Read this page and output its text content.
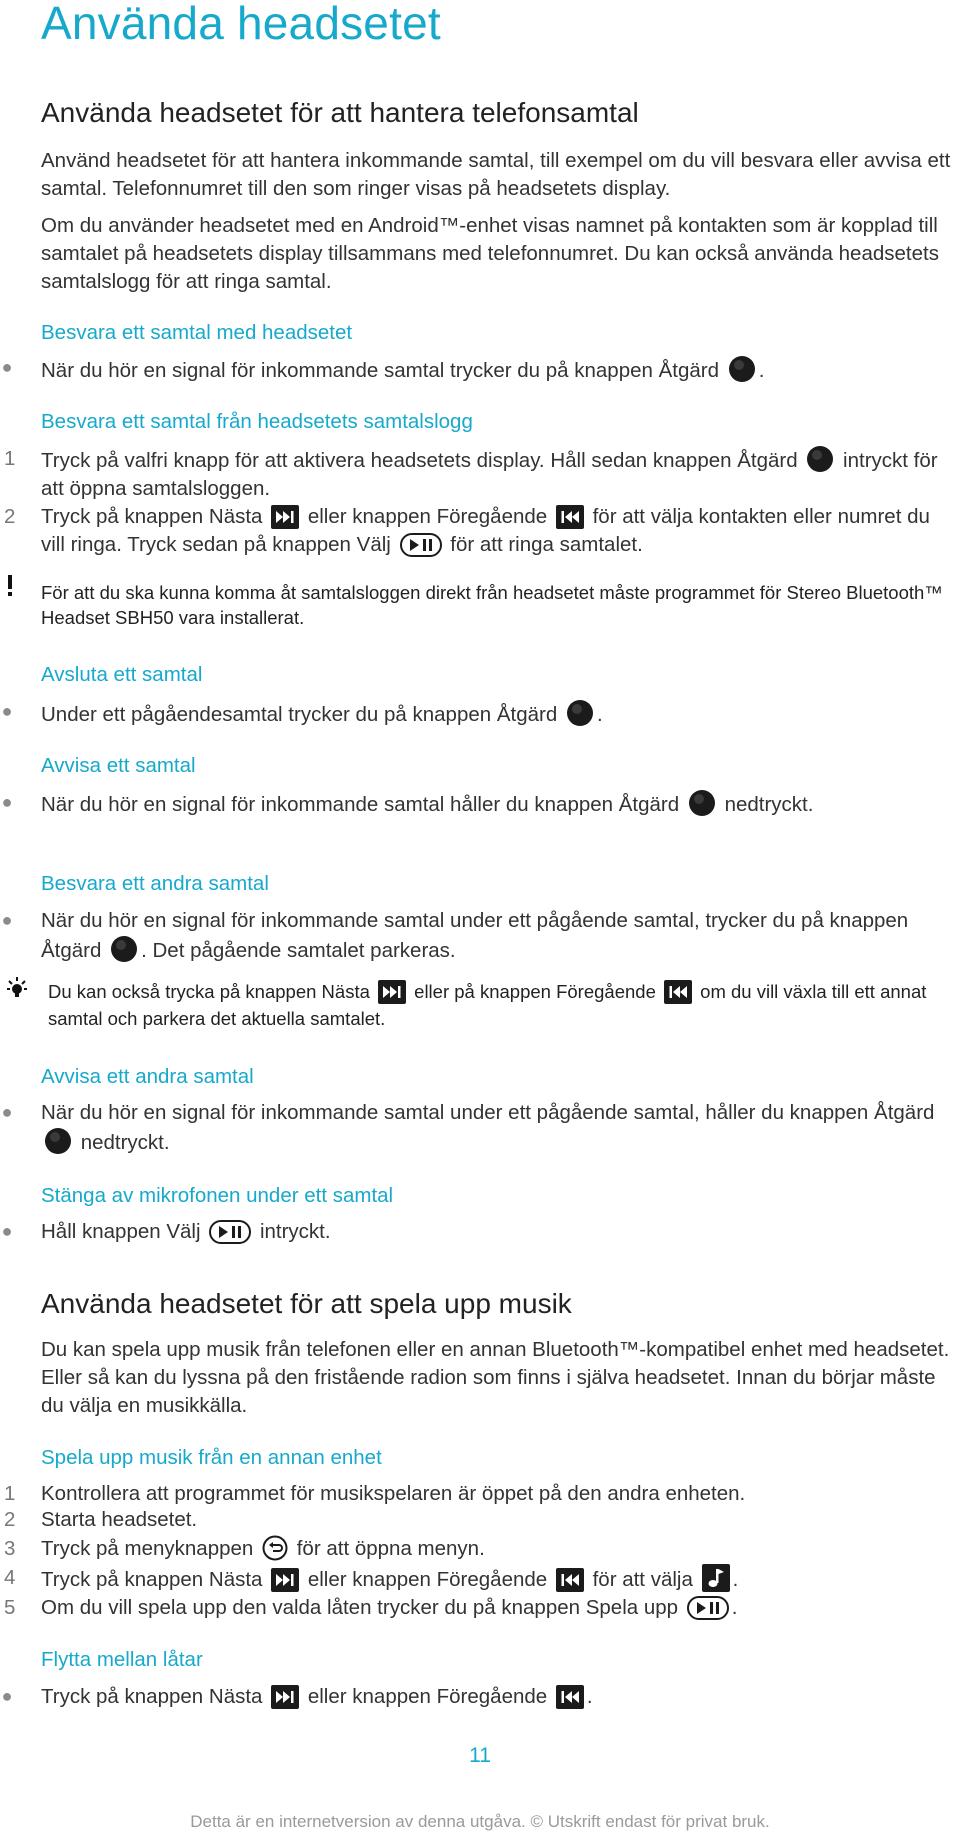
Använda headsetet
Använda headsetet för att hantera telefonsamtal

Använd headsetet för att hantera inkommande samtal, till exempel om du vill besvara eller avvisa ett samtal. Telefonnumret till den som ringer visas på headsetets display.

Om du använder headsetet med en Android™-enhet visas namnet på kontakten som är kopplad till samtalet på headsetets display tillsammans med telefonnumret. Du kan också använda headsetets samtalslogg för att ringa samtal.

Besvara ett samtal med headsetet
● När du hör en signal för inkommande samtal trycker du på knappen Åtgärd .
Besvara ett samtal från headsetets samtalslogg
1 Tryck på valfri knapp för att aktivera headsetets display. Håll sedan knappen Åtgärd intryckt för att öppna samtalsloggen.
2 Tryck på knappen Nästa eller knappen Föregående för att välja kontakten eller numret du vill ringa. Tryck sedan på knappen Välj	för att ringa samtalet.
För att du ska kunna komma åt samtalsloggen direkt från headsetet måste programmet för Stereo Bluetooth™ Headset SBH50 vara installerat.
Avsluta ett samtal
● Under ett pågåendesamtal trycker du på knappen Åtgärd .
Avvisa ett samtal
● När du hör en signal för inkommande samtal håller du knappen Åtgärd nedtryckt.
Besvara ett andra samtal
● När du hör en signal för inkommande samtal under ett pågående samtal, trycker du på knappen Åtgärd . Det pågående samtalet parkeras.
Du kan också trycka på knappen Nästa eller på knappen Föregående om du vill växla till ett annat samtal och parkera det aktuella samtalet.
Avvisa ett andra samtal
● När du hör en signal för inkommande samtal under ett pågående samtal, håller du knappen Åtgärd
nedtryckt.
Stänga av mikrofonen under ett samtal
● Håll knappen Välj	intryckt.
Använda headsetet för att spela upp musik

Du kan spela upp musik från telefonen eller en annan Bluetooth™-kompatibel enhet med headsetet. Eller så kan du lyssna på den fristående radion som finns i själva headsetet. Innan du börjar måste du välja en musikkälla.

Spela upp musik från en annan enhet
1 Kontrollera att programmet för musikspelaren är öppet på den andra enheten.
2 Starta headsetet.
3 Tryck på menyknappen för att öppna menyn.
4 Tryck på knappen Nästa eller knappen Föregående för att välja .
5 Om du vill spela upp den valda låten trycker du på knappen Spela upp	.
Flytta mellan låtar
● Tryck på knappen Nästa eller knappen Föregående .
11
Detta är en internetversion av denna utgåva. © Utskrift endast för privat bruk.
